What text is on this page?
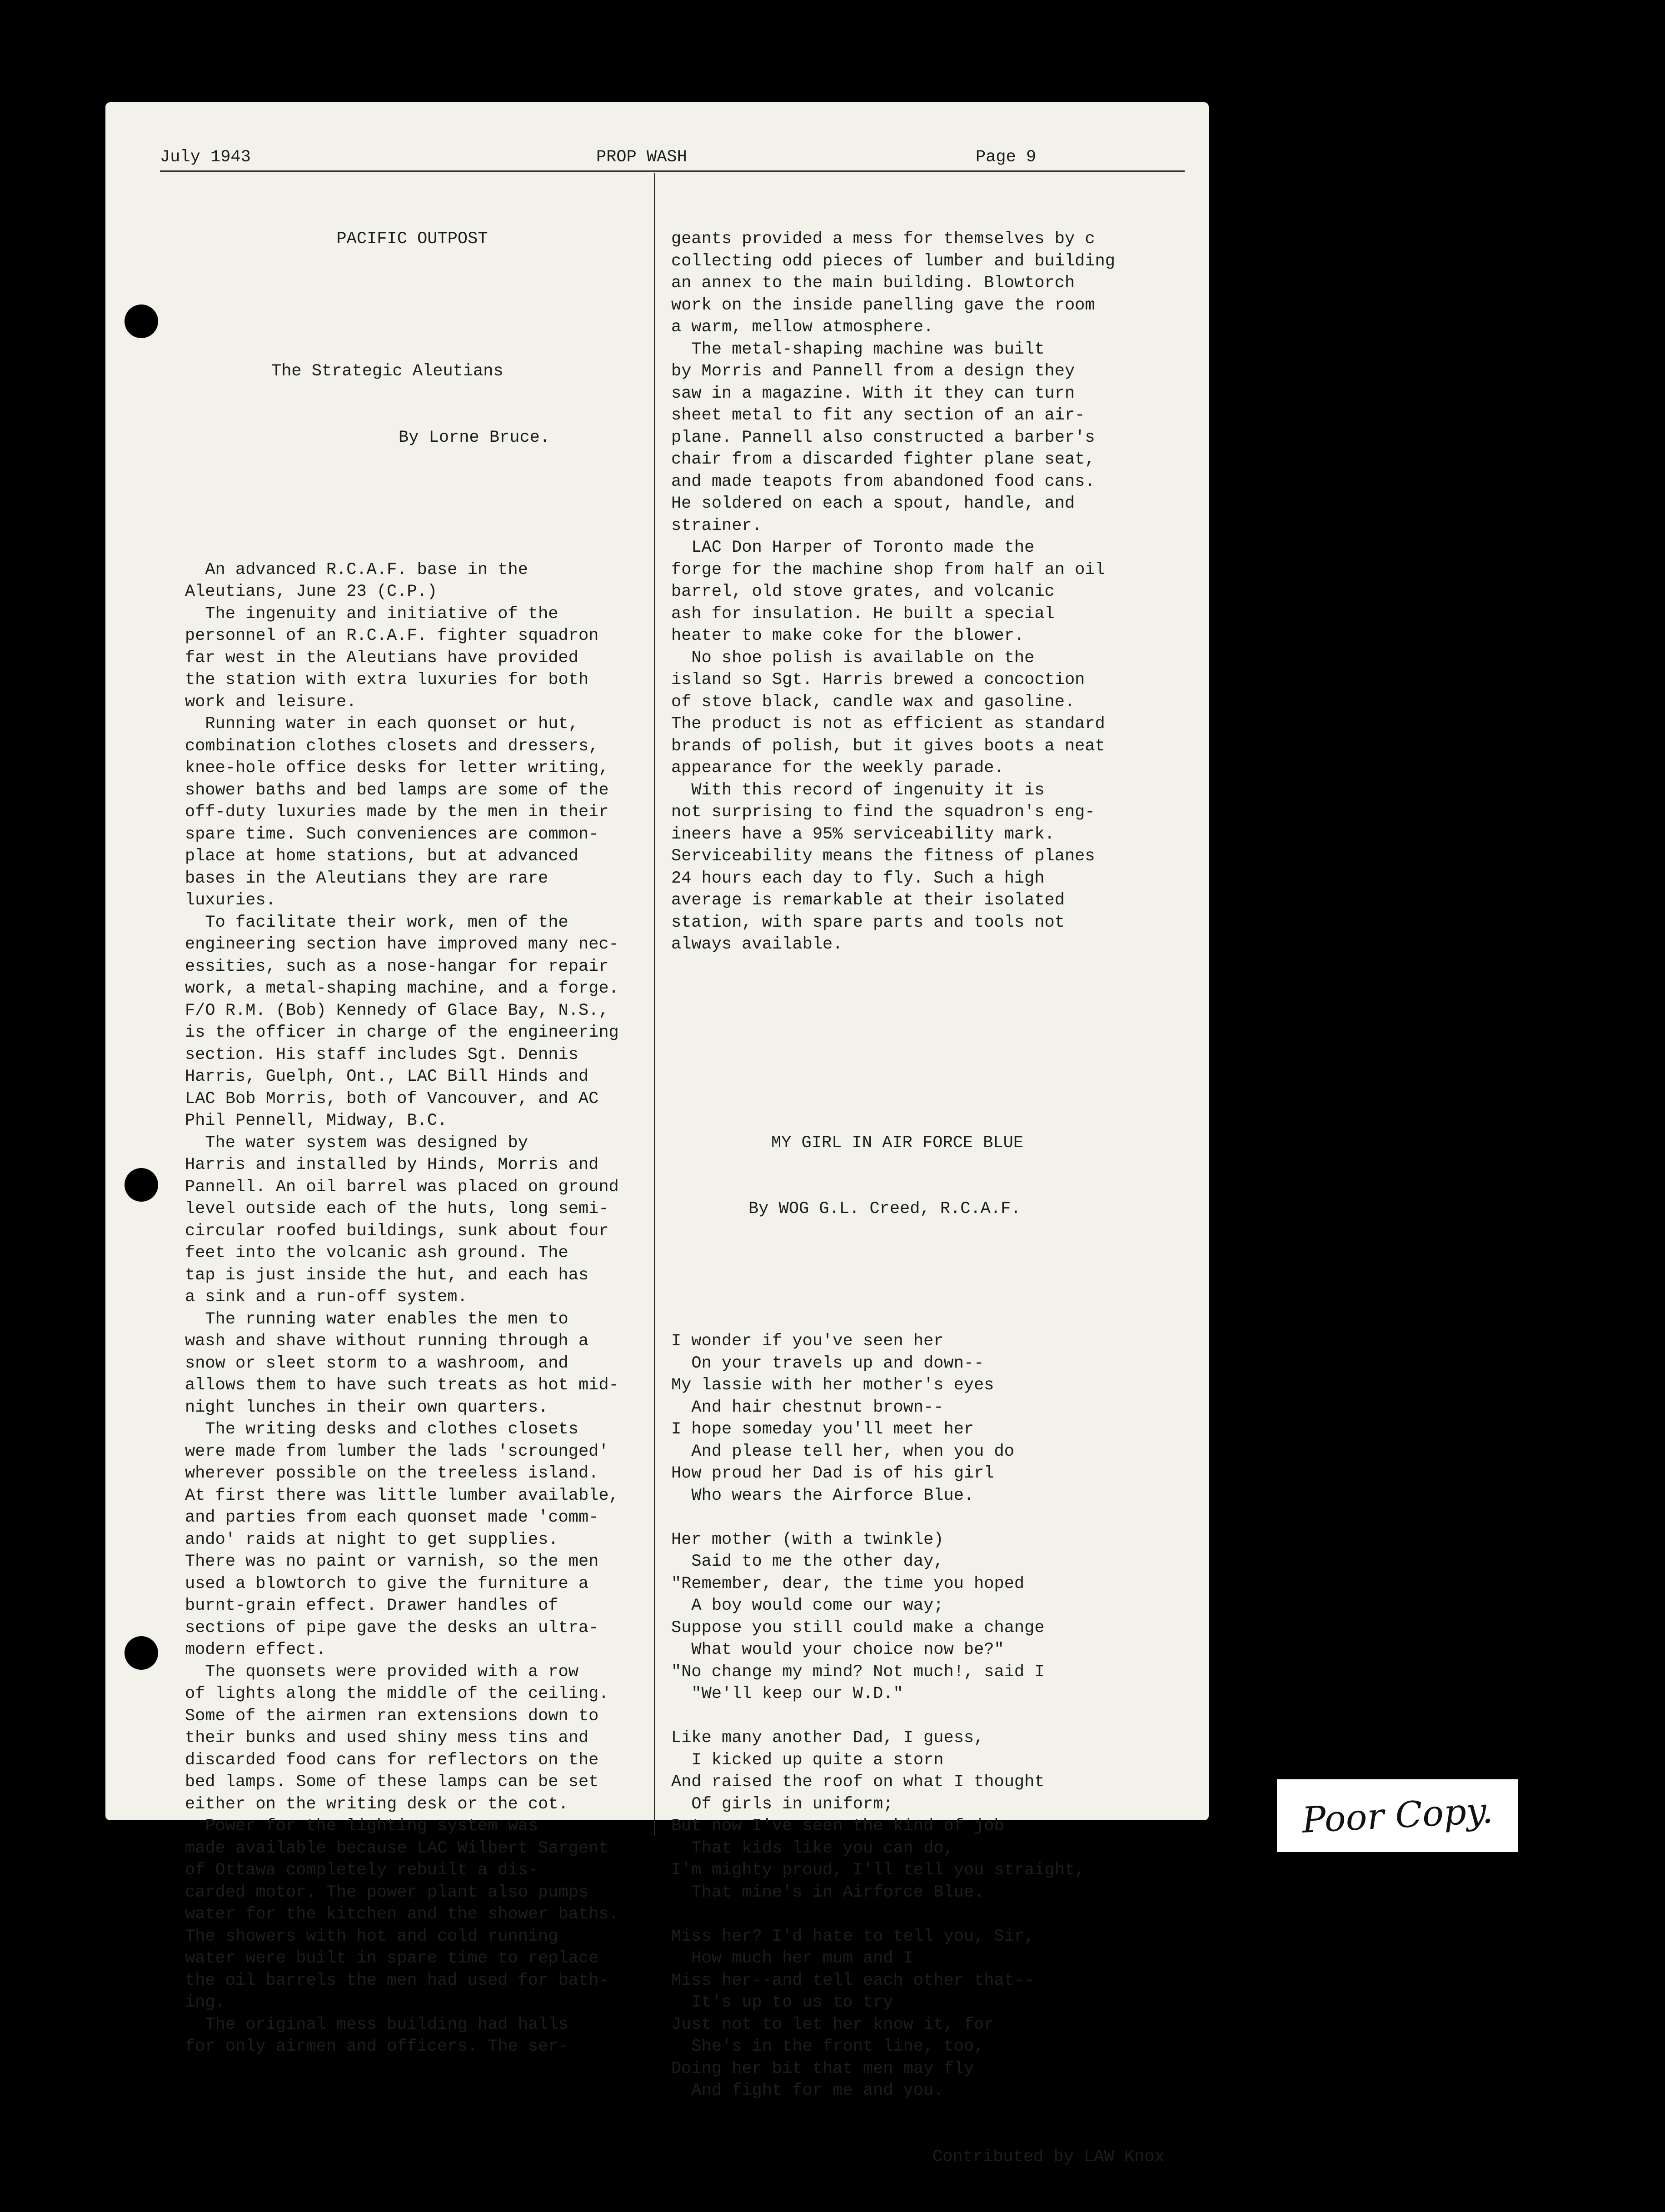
July 1943	PROP WASH	Page 9

PACIFIC OUTPOST

The Strategic Aleutians

By Lorne Bruce.

An advanced R.C.A.F. base in the
Aleutians, June 23 (C.P.)
The ingenuity and initiative of the
personnel of an R.C.A.F. fighter squadron
far west in the Aleutians have provided
the station with extra luxuries for both
work and leisure.
Running water in each quonset or hut,
combination clothes closets and dressers,
knee-hole office desks for letter writing,
shower baths and bed lamps are some of the
off-duty luxuries made by the men in their
spare time. Such conveniences are common-
place at home stations, but at advanced
bases in the Aleutians they are rare
luxuries.
To facilitate their work, men of the
engineering section have improved many nec-
essities, such as a nose-hangar for repair
work, a metal-shaping machine, and a forge.
F/O R.M. (Bob) Kennedy of Glace Bay, N.S.,
is the officer in charge of the engineering
section. His staff includes Sgt. Dennis
Harris, Guelph, Ont., LAC Bill Hinds and
LAC Bob Morris, both of Vancouver, and AC
Phil Pennell, Midway, B.C.
The water system was designed by
Harris and installed by Hinds, Morris and
Pannell. An oil barrel was placed on ground
level outside each of the huts, long semi-
circular roofed buildings, sunk about four
feet into the volcanic ash ground. The
tap is just inside the hut, and each has
a sink and a run-off system.
The running water enables the men to
wash and shave without running through a
snow or sleet storm to a washroom, and
allows them to have such treats as hot mid-
night lunches in their own quarters.
The writing desks and clothes closets
were made from lumber the lads 'scrounged'
wherever possible on the treeless island.
At first there was little lumber available,
and parties from each quonset made 'comm-
ando' raids at night to get supplies.
There was no paint or varnish, so the men
used a blowtorch to give the furniture a
burnt-grain effect. Drawer handles of
sections of pipe gave the desks an ultra-
modern effect.
The quonsets were provided with a row
of lights along the middle of the ceiling.
Some of the airmen ran extensions down to
their bunks and used shiny mess tins and
discarded food cans for reflectors on the
bed lamps. Some of these lamps can be set
either on the writing desk or the cot.
Power for the lighting system was
made available because LAC Wilbert Sargent
of Ottawa completely rebuilt a dis-
carded motor. The power plant also pumps
water for the kitchen and the shower baths.
The showers with hot and cold running
water were built in spare time to replace
the oil barrels the men had used for bath-
ing.
The original mess building had halls
for only airmen and officers. The ser-

geants provided a mess for themselves by c
collecting odd pieces of lumber and building
an annex to the main building. Blowtorch
work on the inside panelling gave the room
a warm, mellow atmosphere.
The metal-shaping machine was built
by Morris and Pannell from a design they
saw in a magazine. With it they can turn
sheet metal to fit any section of an air-
plane. Pannell also constructed a barber's
chair from a discarded fighter plane seat,
and made teapots from abandoned food cans.
He soldered on each a spout, handle, and
strainer.
LAC Don Harper of Toronto made the
forge for the machine shop from half an oil
barrel, old stove grates, and volcanic
ash for insulation. He built a special
heater to make coke for the blower.
No shoe polish is available on the
island so Sgt. Harris brewed a concoction
of stove black, candle wax and gasoline.
The product is not as efficient as standard
brands of polish, but it gives boots a neat
appearance for the weekly parade.
With this record of ingenuity it is
not surprising to find the squadron's eng-
ineers have a 95% serviceability mark.
Serviceability means the fitness of planes
24 hours each day to fly. Such a high
average is remarkable at their isolated
station, with spare parts and tools not
always available.

MY GIRL IN AIR FORCE BLUE

By WOG G.L. Creed, R.C.A.F.

I wonder if you've seen her
On your travels up and down--
My lassie with her mother's eyes
And hair chestnut brown--
I hope someday you'll meet her
And please tell her, when you do
How proud her Dad is of his girl
Who wears the Airforce Blue.
Her mother (with a twinkle)
Said to me the other day,
"Remember, dear, the time you hoped
A boy would come our way;
Suppose you still could make a change
What would your choice now be?"
"No change my mind? Not much!, said I
"We'll keep our W.D."
Like many another Dad, I guess,
I kicked up quite a storn
And raised the roof on what I thought
Of girls in uniform;
But now I've seen the kind of job
That kids like you can do,
I'm mighty proud, I'll tell you straight,
That mine's in Airforce Blue.
Miss her? I'd hate to tell you, Sir,
How much her mum and I
Miss her--and tell each other that--
It's up to us to try
Just not to let her know it, for
She's in the front line, too,
Doing her bit that men may fly
And fight for me and you.

Contributed by LAW Knox

Poor Copy.
